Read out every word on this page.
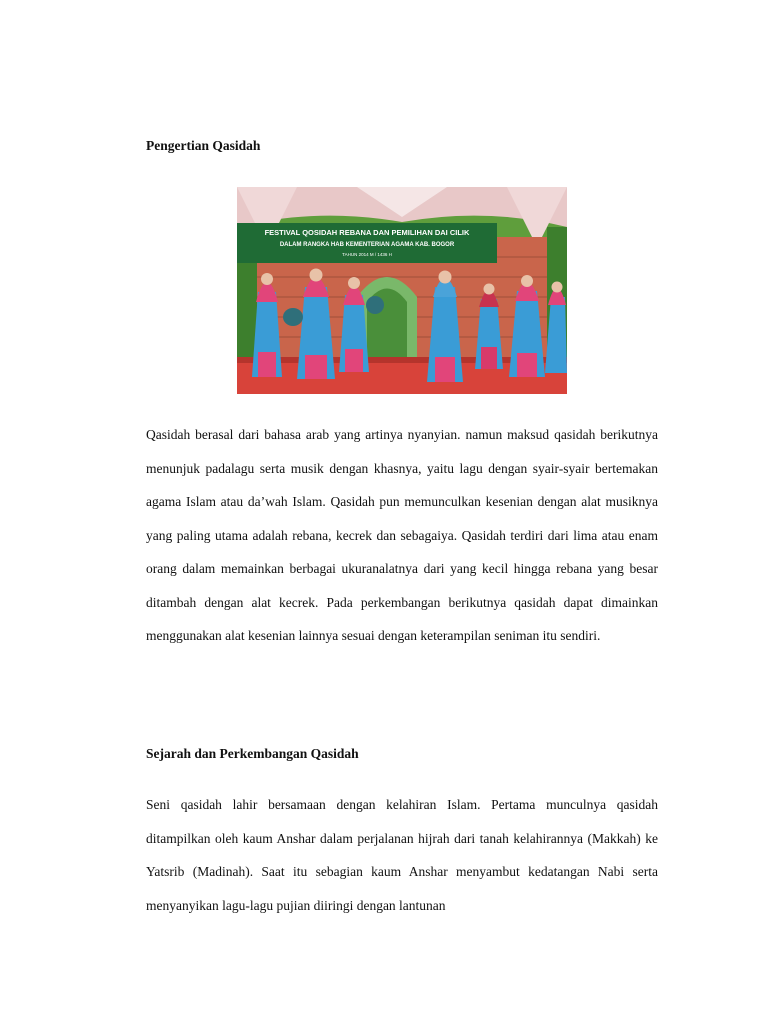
Pengertian Qasidah
FESTIVAL QOSIDAH REBANA DAN PEMILIHAN DAI CILIK
DALAM RANGKA HAB KEMENTERIAN AGAMA KAB. BOGOR
TAHUN 2014 M / 1436 H

Qasidah berasal dari bahasa arab yang artinya nyanyian. namun maksud qasidah berikutnya menunjuk padalagu serta musik dengan khasnya, yaitu lagu dengan syair-syair bertemakan agama Islam atau da’wah Islam. Qasidah pun memunculkan kesenian dengan alat musiknya yang paling utama adalah rebana, kecrek dan sebagaiya. Qasidah terdiri dari lima atau enam orang dalam memainkan berbagai ukuranalatnya dari yang kecil hingga rebana yang besar ditambah dengan alat kecrek. Pada perkembangan berikutnya qasidah dapat dimainkan menggunakan alat kesenian lainnya sesuai dengan keterampilan seniman itu sendiri.

Sejarah dan Perkembangan Qasidah

Seni qasidah lahir bersamaan dengan kelahiran Islam. Pertama munculnya qasidah ditampilkan oleh kaum Anshar dalam perjalanan hijrah dari tanah kelahirannya (Makkah) ke Yatsrib (Madinah). Saat itu sebagian kaum Anshar menyambut kedatangan Nabi serta menyanyikan lagu-lagu pujian diiringi dengan lantunan
